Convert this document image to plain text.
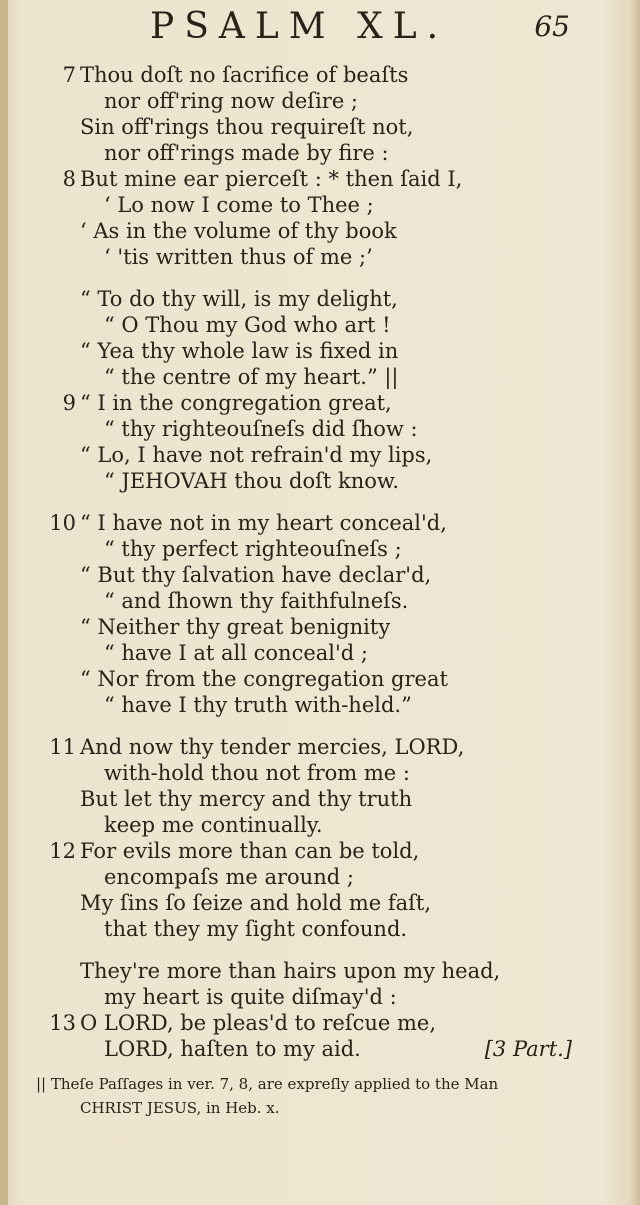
PSALM XL.	65
7 Thou doſt no ſacrifice of beaſts
nor off'ring now deſire ;
Sin off'rings thou requireſt not,
nor off'rings made by fire :
8 But mine ear pierceſt : * then ſaid I,
‘ Lo now I come to Thee ;
‘ As in the volume of thy book
‘ 'tis written thus of me ;’
“ To do thy will, is my delight,
“ O Thou my God who art !
“ Yea thy whole law is fixed in
“ the centre of my heart.” ||
9 “ I in the congregation great,
“ thy righteouſneſs did ſhow :
“ Lo, I have not refrain'd my lips,
“ JEHOVAH thou doſt know.
10 “ I have not in my heart conceal'd,
“ thy perfect righteouſneſs ;
“ But thy ſalvation have declar'd,
“ and ſhown thy faithfulneſs.
“ Neither thy great benignity
“ have I at all conceal'd ;
“ Nor from the congregation great
“ have I thy truth with-held.”
11 And now thy tender mercies, LORD,
with-hold thou not from me :
But let thy mercy and thy truth
keep me continually.
12 For evils more than can be told,
encompaſs me around ;
My ſins ſo ſeize and hold me faſt,
that they my ſight confound.
They're more than hairs upon my head,
my heart is quite diſmay'd :
13 O LORD, be pleas'd to reſcue me,
LORD, haſten to my aid.	[3 Part.]
|| Theſe Paſſages in ver. 7, 8, are expreſly applied to the Man
CHRIST JESUS, in Heb. x.
